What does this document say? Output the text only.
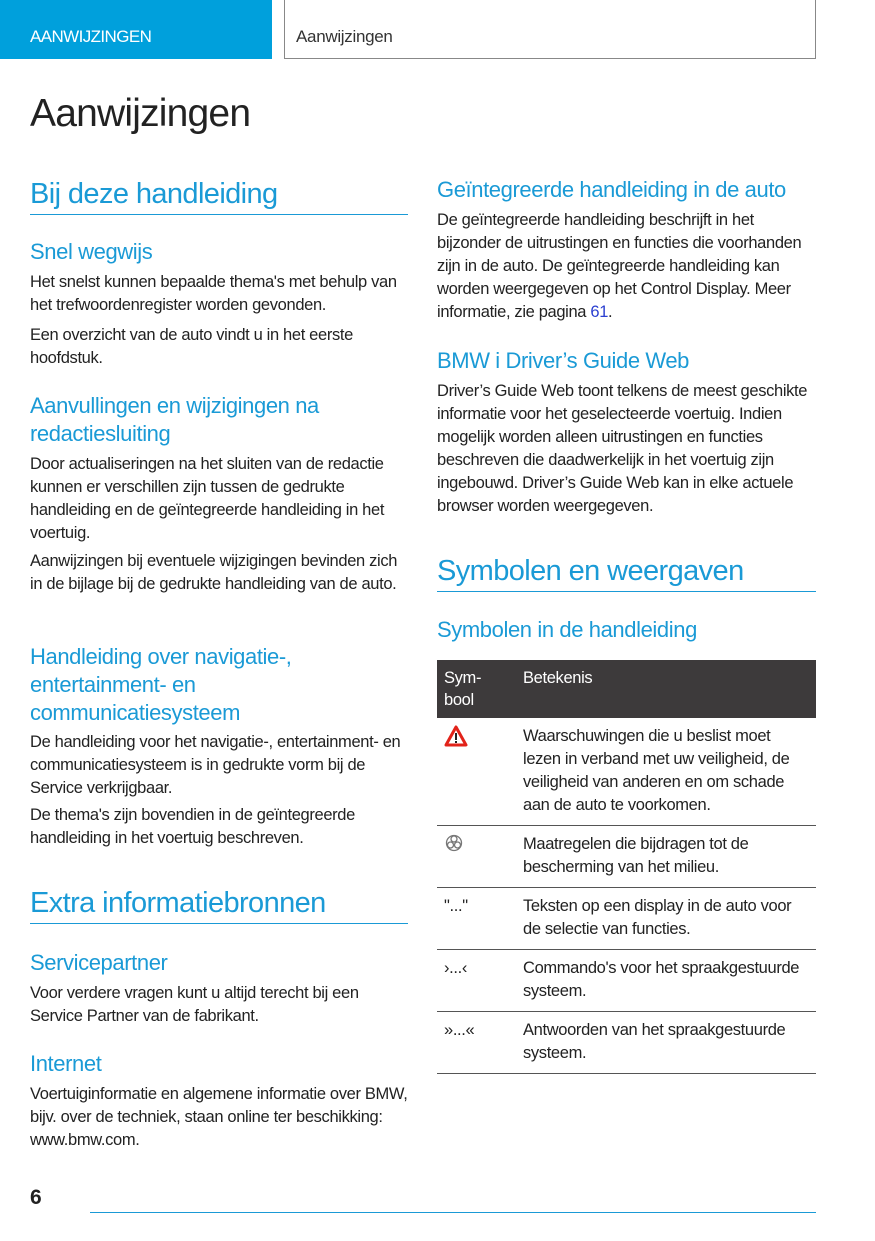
AANWIJZINGEN	Aanwijzingen
Aanwijzingen
Bij deze handleiding
Snel wegwijs
Het snelst kunnen bepaalde thema's met behulp van het trefwoordenregister worden gevonden.
Een overzicht van de auto vindt u in het eerste hoofdstuk.
Aanvullingen en wijzigingen na redactiesluiting
Door actualiseringen na het sluiten van de redactie kunnen er verschillen zijn tussen de gedrukte handleiding en de geïntegreerde handleiding in het voertuig.
Aanwijzingen bij eventuele wijzigingen bevinden zich in de bijlage bij de gedrukte handleiding van de auto.
Handleiding over navigatie-, entertainment- en communicatiesysteem
De handleiding voor het navigatie-, entertainment- en communicatiesysteem is in gedrukte vorm bij de Service verkrijgbaar.
De thema's zijn bovendien in de geïntegreerde handleiding in het voertuig beschreven.
Extra informatiebronnen
Servicepartner
Voor verdere vragen kunt u altijd terecht bij een Service Partner van de fabrikant.
Internet
Voertuiginformatie en algemene informatie over BMW, bijv. over de techniek, staan online ter beschikking: www.bmw.com.
Geïntegreerde handleiding in de auto
De geïntegreerde handleiding beschrijft in het bijzonder de uitrustingen en functies die voorhanden zijn in de auto. De geïntegreerde handleiding kan worden weergegeven op het Control Display. Meer informatie, zie pagina 61.
BMW i Driver’s Guide Web
Driver’s Guide Web toont telkens de meest geschikte informatie voor het geselecteerde voertuig. Indien mogelijk worden alleen uitrustingen en functies beschreven die daadwerkelijk in het voertuig zijn ingebouwd. Driver’s Guide Web kan in elke actuele browser worden weergegeven.
Symbolen en weergaven
Symbolen in de handleiding
Sym-
bool	Betekenis
	Waarschuwingen die u beslist moet lezen in verband met uw veiligheid, de veiligheid van anderen en om schade aan de auto te voorkomen.
	Maatregelen die bijdragen tot de bescherming van het milieu.
"..."	Teksten op een display in de auto voor de selectie van functies.
›...‹	Commando's voor het spraakgestuurde systeem.
»...«	Antwoorden van het spraakgestuurde systeem.
6
